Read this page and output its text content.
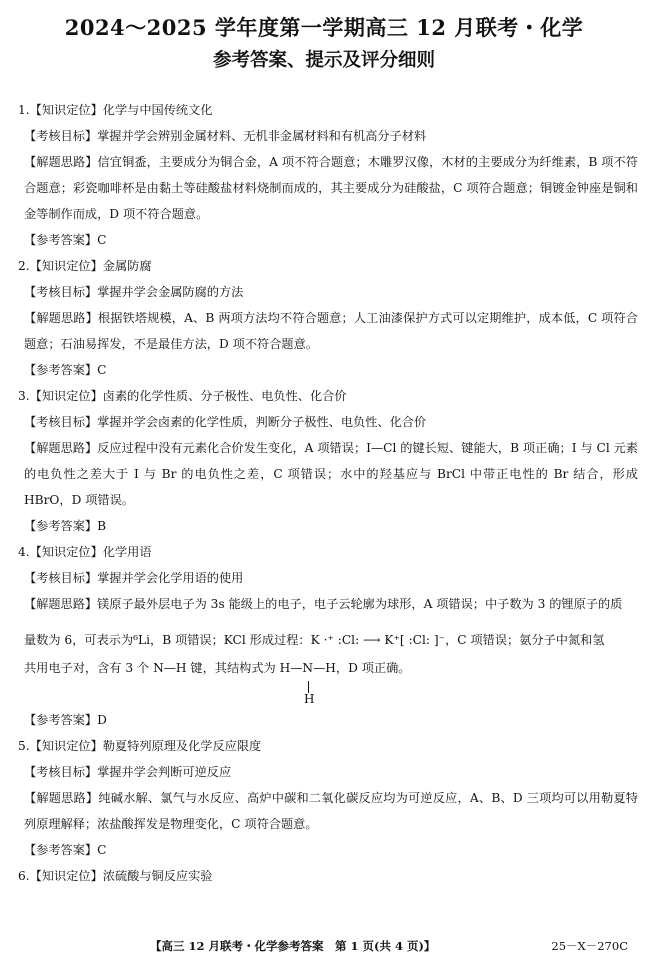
2024～2025 学年度第一学期高三 12 月联考・化学
参考答案、提示及评分细则
1.【知识定位】化学与中国传统文化
【考核目标】掌握并学会辨别金属材料、无机非金属材料和有机高分子材料
【解题思路】信宜铜盉，主要成分为铜合金，A 项不符合题意；木雕罗汉像，木材的主要成分为纤维素，B 项不符合题意；彩瓷咖啡杯是由黏土等硅酸盐材料烧制而成的，其主要成分为硅酸盐，C 项符合题意；铜镀金钟座是铜和金等制作而成，D 项不符合题意。
【参考答案】C
2.【知识定位】金属防腐
【考核目标】掌握并学会金属防腐的方法
【解题思路】根据铁塔规模，A、B 两项方法均不符合题意；人工油漆保护方式可以定期维护，成本低，C 项符合题意；石油易挥发，不是最佳方法，D 项不符合题意。
【参考答案】C
3.【知识定位】卤素的化学性质、分子极性、电负性、化合价
【考核目标】掌握并学会卤素的化学性质，判断分子极性、电负性、化合价
【解题思路】反应过程中没有元素化合价发生变化，A 项错误；I—Cl 的键长短、键能大，B 项正确；I 与 Cl 元素的电负性之差大于 I 与 Br 的电负性之差，C 项错误；水中的羟基应与 BrCl 中带正电性的 Br 结合，形成 HBrO，D 项错误。
【参考答案】B
4.【知识定位】化学用语
【考核目标】掌握并学会化学用语的使用
【解题思路】镁原子最外层电子为 3s 能级上的电子，电子云轮廓为球形，A 项错误；中子数为 3 的锂原子的质
量数为 6，可表示为⁶Li，B 项错误；KCl 形成过程：K ·⁺ :Cl: ⟶ K⁺[ :Cl: ]⁻，C 项错误；氨分子中氮和氢
共用电子对，含有 3 个 N—H 键，其结构式为 H—N—H，D 项正确。
H
【参考答案】D
5.【知识定位】勒夏特列原理及化学反应限度
【考核目标】掌握并学会判断可逆反应
【解题思路】纯碱水解、氯气与水反应、高炉中碳和二氧化碳反应均为可逆反应，A、B、D 三项均可以用勒夏特列原理解释；浓盐酸挥发是物理变化，C 项符合题意。
【参考答案】C
6.【知识定位】浓硫酸与铜反应实验
【高三 12 月联考・化学参考答案　第 1 页(共 4 页)】	25－X－270C
